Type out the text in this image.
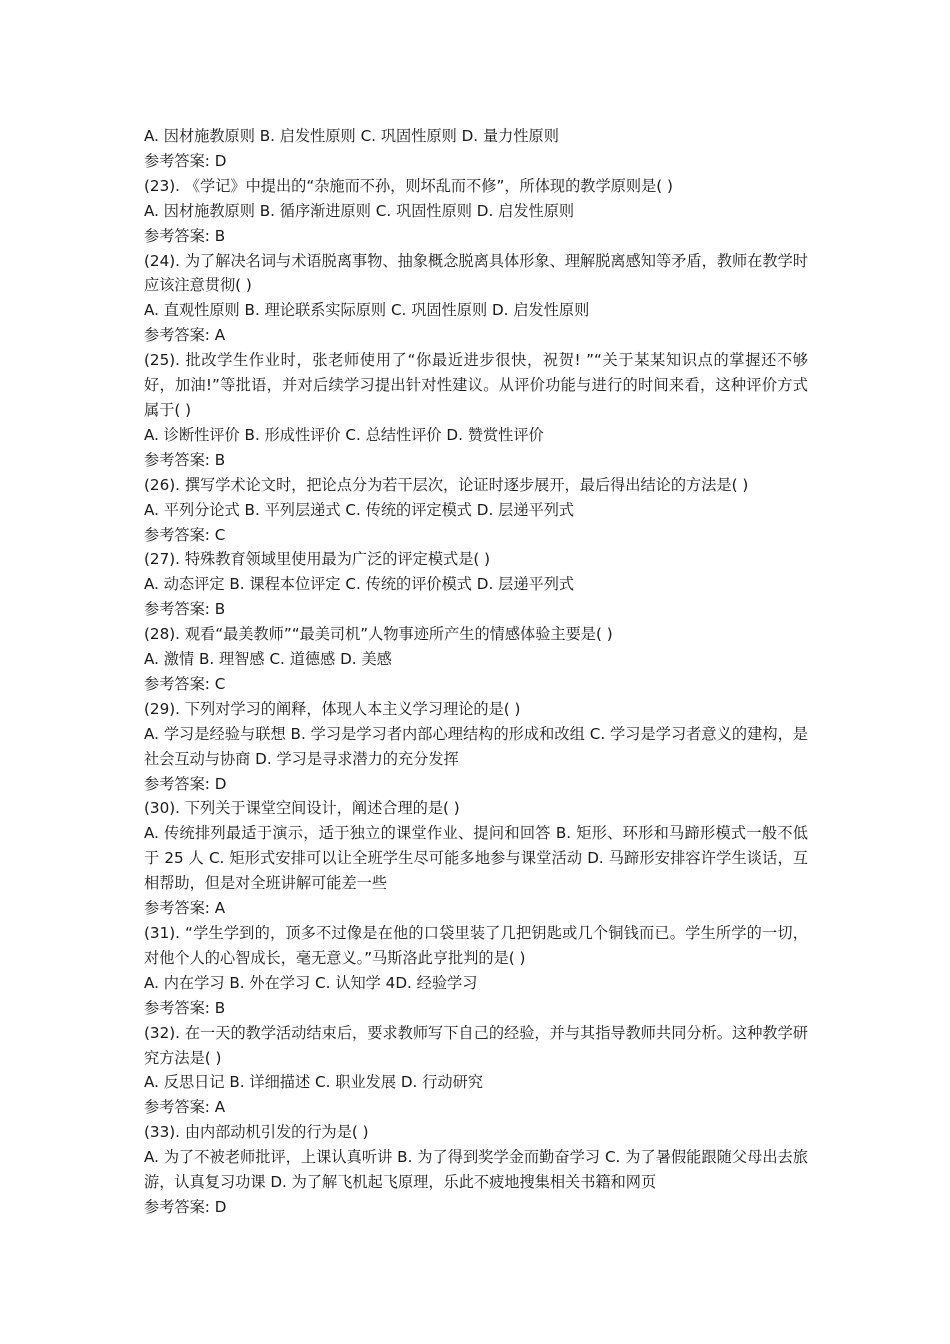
A. 因材施教原则 B. 启发性原则 C. 巩固性原则 D. 量力性原则

参考答案: D

(23). 《学记》中提出的“杂施而不孙，则坏乱而不修”，所体现的教学原则是( )

A. 因材施教原则 B. 循序渐进原则 C. 巩固性原则 D. 启发性原则

参考答案: B

(24). 为了解决名词与术语脱离事物、抽象概念脱离具体形象、理解脱离感知等矛盾，教师在教学时应该注意贯彻( )

A. 直观性原则 B. 理论联系实际原则 C. 巩固性原则 D. 启发性原则

参考答案: A

(25). 批改学生作业时，张老师使用了“你最近进步很快，祝贺! ”“关于某某知识点的掌握还不够好，加油!”等批语，并对后续学习提出针对性建议。从评价功能与进行的时间来看，这种评价方式属于( )

A. 诊断性评价 B. 形成性评价 C. 总结性评价 D. 赞赏性评价

参考答案: B

(26). 撰写学术论文时，把论点分为若干层次，论证时逐步展开，最后得出结论的方法是( )

A. 平列分论式 B. 平列层递式 C. 传统的评定模式 D. 层递平列式

参考答案: C

(27). 特殊教育领域里使用最为广泛的评定模式是( )

A. 动态评定 B. 课程本位评定 C. 传统的评价模式 D. 层递平列式

参考答案: B

(28). 观看“最美教师”“最美司机”人物事迹所产生的情感体验主要是( )

A. 激情 B. 理智感 C. 道德感 D. 美感

参考答案: C

(29). 下列对学习的阐释，体现人本主义学习理论的是( )

A. 学习是经验与联想 B. 学习是学习者内部心理结构的形成和改组 C. 学习是学习者意义的建构，是社会互动与协商 D. 学习是寻求潜力的充分发挥

参考答案: D

(30). 下列关于课堂空间设计，阐述合理的是( )

A. 传统排列最适于演示，适于独立的课堂作业、提问和回答 B. 矩形、环形和马蹄形模式一般不低于 25 人 C. 矩形式安排可以让全班学生尽可能多地参与课堂活动 D. 马蹄形安排容许学生谈话，互相帮助，但是对全班讲解可能差一些

参考答案: A

(31). “学生学到的，顶多不过像是在他的口袋里装了几把钥匙或几个铜钱而已。学生所学的一切，对他个人的心智成长，毫无意义。”马斯洛此亨批判的是( )

A. 内在学习 B. 外在学习 C. 认知学 4D. 经验学习

参考答案: B

(32). 在一天的教学活动结束后，要求教师写下自己的经验，并与其指导教师共同分析。这种教学研究方法是( )

A. 反思日记 B. 详细描述 C. 职业发展 D. 行动研究

参考答案: A

(33). 由内部动机引发的行为是( )

A. 为了不被老师批评，上课认真听讲 B. 为了得到奖学金而勤奋学习 C. 为了暑假能跟随父母出去旅游，认真复习功课 D. 为了解飞机起飞原理，乐此不疲地搜集相关书籍和网页

参考答案: D
